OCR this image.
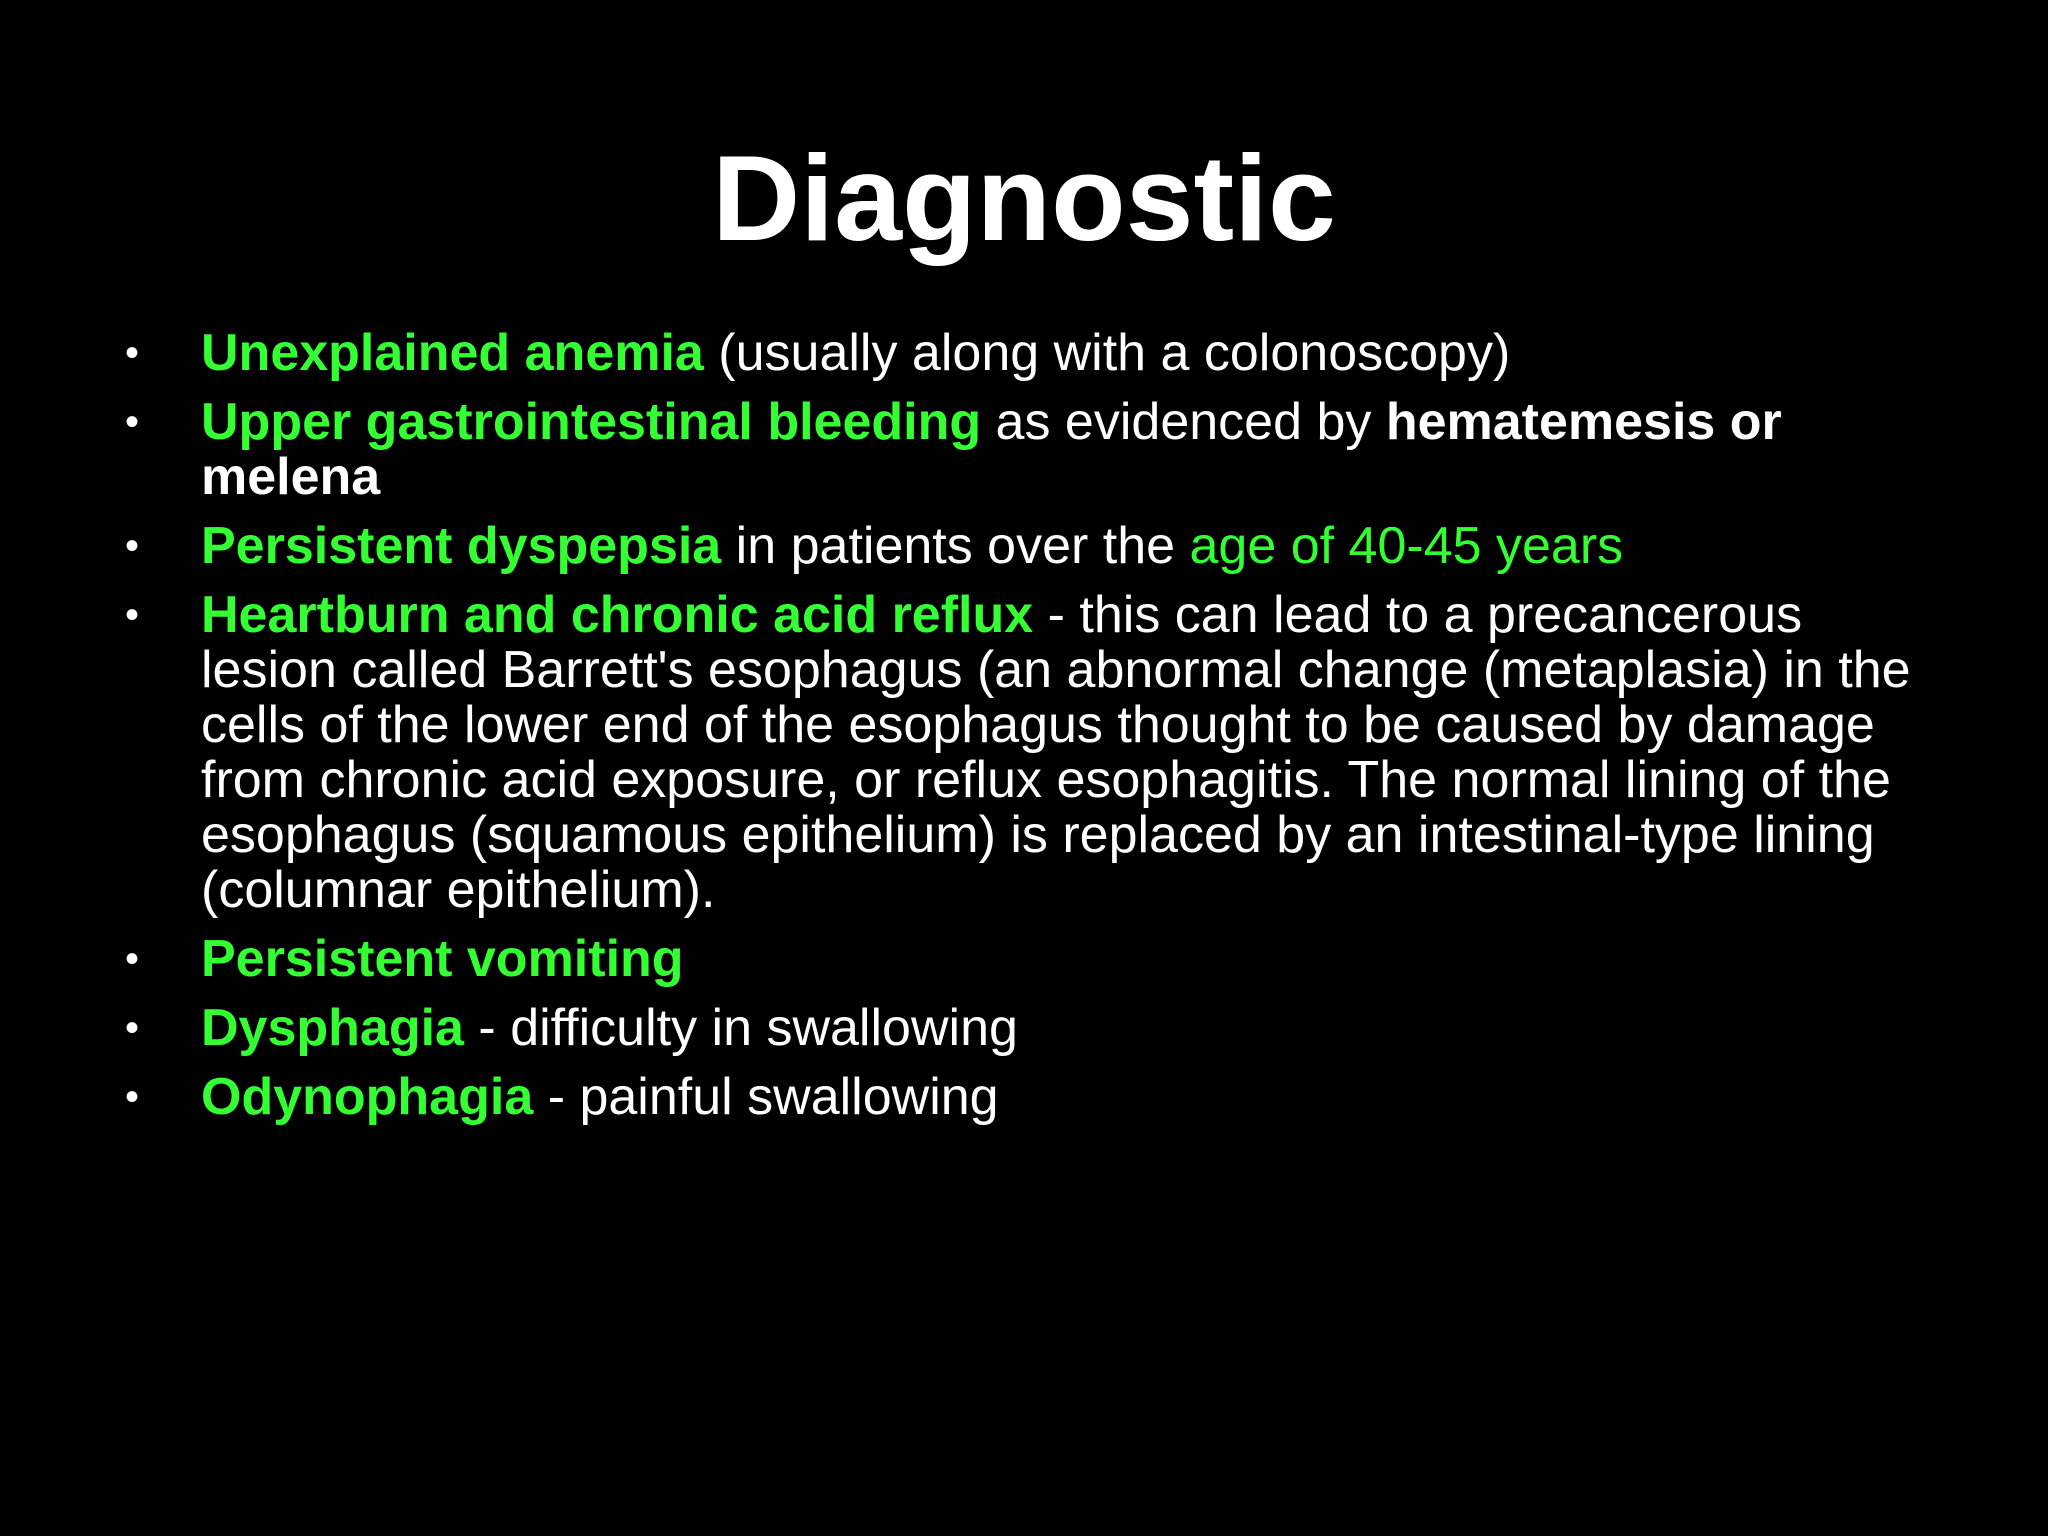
Diagnostic
• Unexplained anemia (usually along with a colonoscopy)
• Upper gastrointestinal bleeding as evidenced by hematemesis or melena
• Persistent dyspepsia in patients over the age of 40-45 years
• Heartburn and chronic acid reflux - this can lead to a precancerous lesion called Barrett's esophagus (an abnormal change (metaplasia) in the cells of the lower end of the esophagus thought to be caused by damage from chronic acid exposure, or reflux esophagitis. The normal lining of the esophagus (squamous epithelium) is replaced by an intestinal-type lining (columnar epithelium).
• Persistent vomiting
• Dysphagia - difficulty in swallowing
• Odynophagia - painful swallowing
